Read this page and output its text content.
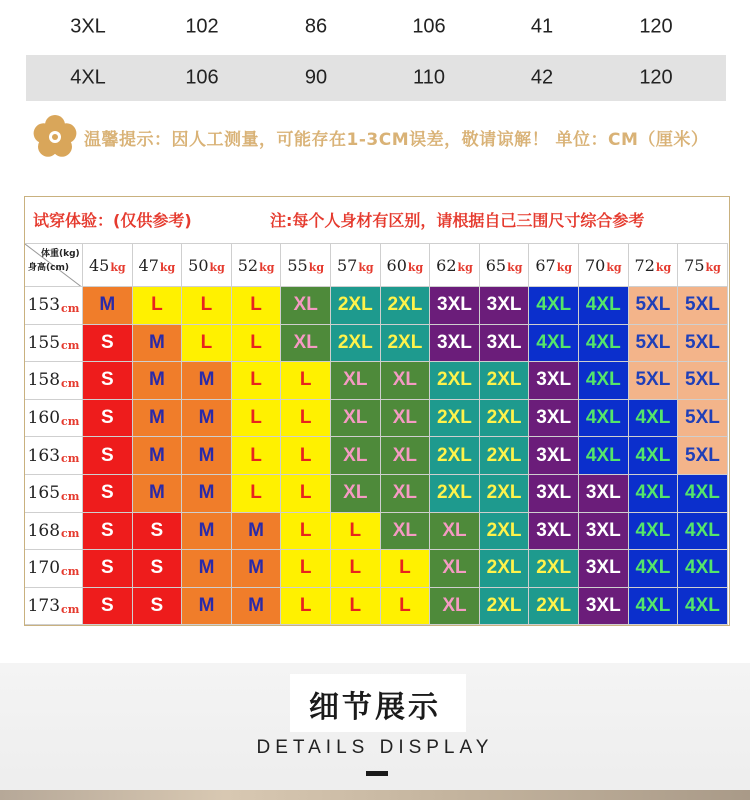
3XL	102	86	106	41	120
4XL	106	90	110	42	120
温馨提示：因人工测量，可能存在1-3CM误差，敬请谅解！ 单位：CM（厘米）
试穿体验：(仅供参考)	注:每个人身材有区别，请根据自己三围尺寸综合参考
体重(kg)
身高(cm) 45 kg 47 kg 50 kg 52 kg 55 kg 57 kg 60 kg 62 kg 65 kg 67 kg 70 kg 72 kg 75 kg
153 cm	M	L	L	L	XL	2XL 2XL 3XL 3XL 4XL 4XL 5XL 5XL
155 cm	S	M	L	L	XL	2XL 2XL 3XL 3XL 4XL 4XL 5XL 5XL
158 cm	S	M	M	L	L	XL	XL	2XL 2XL 3XL 4XL 5XL 5XL
160 cm	S	M	M	L	L	XL	XL	2XL 2XL 3XL 4XL 4XL 5XL
163 cm	S	M	M	L	L	XL	XL	2XL 2XL 3XL 4XL 4XL 5XL
165 cm	S	M	M	L	L	XL	XL	2XL 2XL 3XL 3XL 4XL 4XL
168 cm	S	S	M	M	L	L	XL	XL	2XL 3XL 3XL 4XL 4XL
170 cm	S	S	M	M	L	L	L	XL	2XL 2XL 3XL 4XL 4XL
173 cm	S	S	M	M	L	L	L	XL	2XL 2XL 3XL 4XL 4XL
细节展示
DETAILS DISPLAY
